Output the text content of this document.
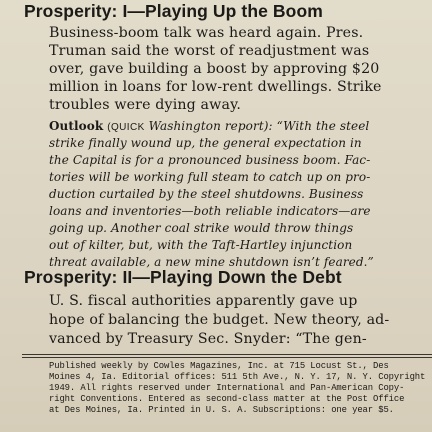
Prosperity: I—Playing Up the Boom
Business-boom talk was heard again. Pres.
Truman said the worst of readjustment was
over, gave building a boost by approving $20
million in loans for low-rent dwellings. Strike
troubles were dying away.
Outlook (QUICK Washington report): “With the steel
strike finally wound up, the general expectation in
the Capital is for a pronounced business boom. Fac-
tories will be working full steam to catch up on pro-
duction curtailed by the steel shutdowns. Business
loans and inventories—both reliable indicators—are
going up. Another coal strike would throw things
out of kilter, but, with the Taft-Hartley injunction
threat available, a new mine shutdown isn’t feared.”
Prosperity: II—Playing Down the Debt
U. S. fiscal authorities apparently gave up
hope of balancing the budget. New theory, ad-
vanced by Treasury Sec. Snyder: “The gen-
Published weekly by Cowles Magazines, Inc. at 715 Locust St., Des
Moines 4, Ia. Editorial offices: 511 5th Ave., N. Y. 17, N. Y. Copyright
1949. All rights reserved under International and Pan-American Copy-
right Conventions. Entered as second-class matter at the Post Office
at Des Moines, Ia. Printed in U. S. A. Subscriptions: one year $5.
